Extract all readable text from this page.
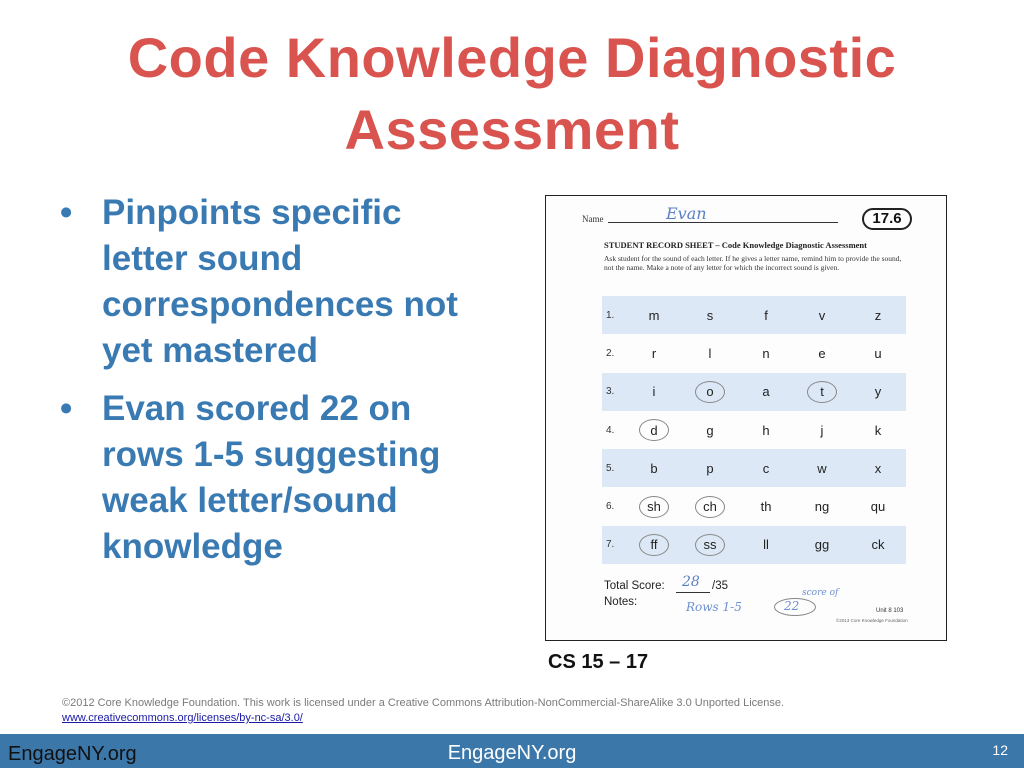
Code Knowledge Diagnostic Assessment
• Pinpoints specific letter sound correspondences not yet mastered
• Evan scored 22 on rows 1-5 suggesting weak letter/sound knowledge
Name	Evan	17.6
STUDENT RECORD SHEET – Code Knowledge Diagnostic Assessment
Ask student for the sound of each letter. If he gives a letter name, remind him to provide the sound, not the name. Make a note of any letter for which the incorrect sound is given.
1.	m	s	f	v	z
2.	r	l	n	e	u
3.	i	o	a	t	y
4.	d	g	h	j	k
5.	b	p	c	w	x
6.	sh	ch	th	ng	qu
7.	ff	ss	ll	gg	ck
Total Score: 28 /35
Notes:	Rows 1-5	22
score of
Unit 8 103
©2013 Core Knowledge Foundation
CS 15 – 17
©2012 Core Knowledge Foundation. This work is licensed under a Creative Commons Attribution-NonCommercial-ShareAlike 3.0 Unported License.
www.creativecommons.org/licenses/by-nc-sa/3.0/
EngageNY.org	EngageNY.org	12
